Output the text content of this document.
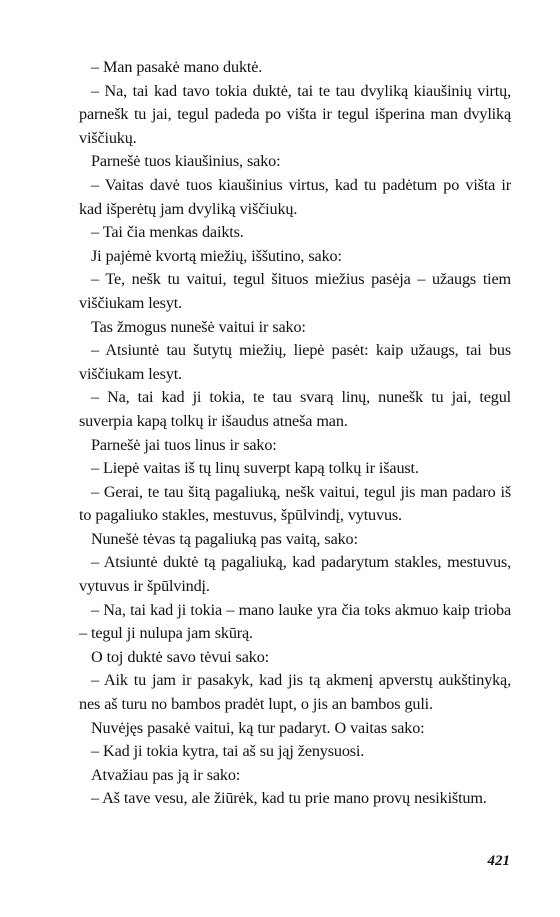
– Man pasakė mano duktė.

– Na, tai kad tavo tokia duktė, tai te tau dvyliką kiaušinių virtų, parnešk tu jai, tegul padeda po višta ir tegul išperina man dvyliką viščiukų.

Parnešė tuos kiaušinius, sako:

– Vaitas davė tuos kiaušinius virtus, kad tu padėtum po višta ir kad išperėtų jam dvyliką viščiukų.

– Tai čia menkas daikts.

Ji pajėmė kvortą miežių, iššutino, sako:

– Te, nešk tu vaitui, tegul šituos miežius pasėja – užaugs tiem viščiukam lesyt.

Tas žmogus nunešė vaitui ir sako:

– Atsiuntė tau šutytų miežių, liepė pasėt: kaip užaugs, tai bus viščiukam lesyt.

– Na, tai kad ji tokia, te tau svarą linų, nunešk tu jai, tegul suverpia kapą tolkų ir išaudus atneša man.

Parnešė jai tuos linus ir sako:

– Liepė vaitas iš tų linų suverpt kapą tolkų ir išaust.

– Gerai, te tau šitą pagaliuką, nešk vaitui, tegul jis man padaro iš to pagaliuko stakles, mestuvus, špūlvindį, vytuvus.

Nunešė tėvas tą pagaliuką pas vaitą, sako:

– Atsiuntė duktė tą pagaliuką, kad padarytum stakles, mestuvus, vytuvus ir špūlvindį.

– Na, tai kad ji tokia – mano lauke yra čia toks akmuo kaip trioba – tegul ji nulupa jam skūrą.

O toj duktė savo tėvui sako:

– Aik tu jam ir pasakyk, kad jis tą akmenį apverstų aukštinyką, nes aš turu no bambos pradėt lupt, o jis an bambos guli.

Nuvėjęs pasakė vaitui, ką tur padaryt. O vaitas sako:

– Kad ji tokia kytra, tai aš su jąj ženysuosi.

Atvažiau pas ją ir sako:

– Aš tave vesu, ale žiūrėk, kad tu prie mano provų nesikištum.

421
